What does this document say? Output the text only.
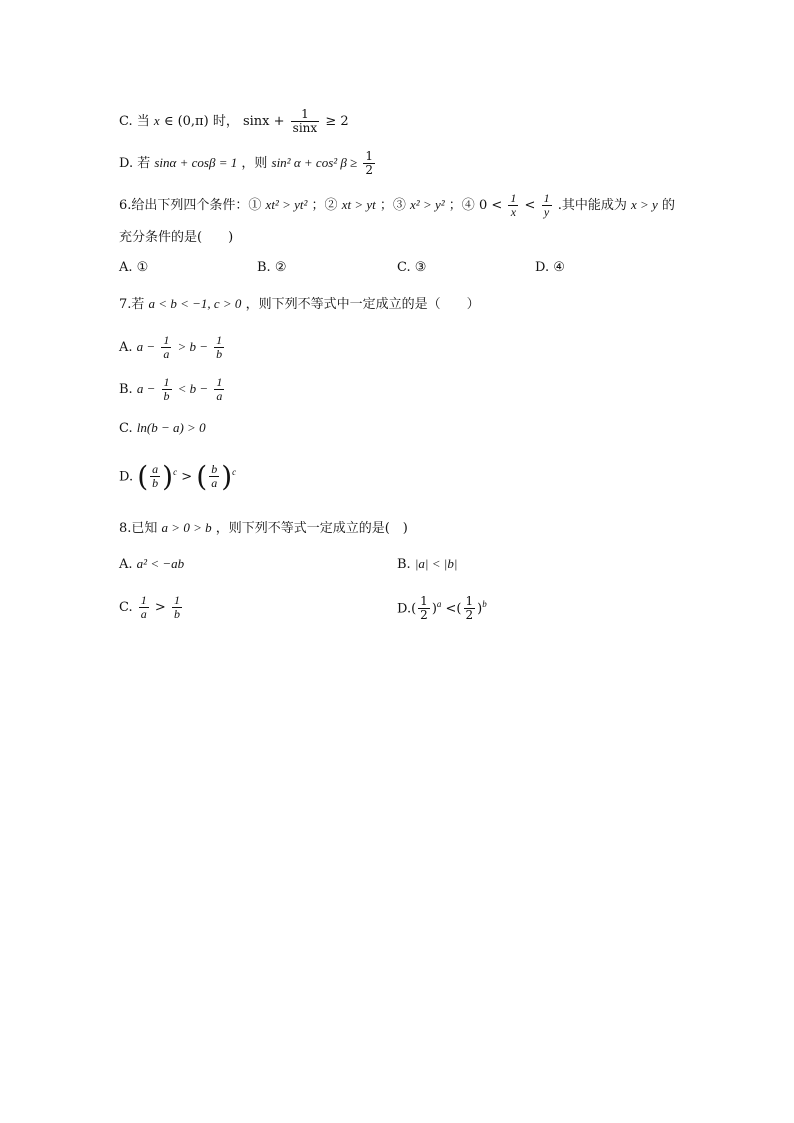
C. 当 x ∈ (0,π) 时， $\sin x + \frac{1}{\sin x} \ge 2$
D. 若 sinα + cosβ = 1 ，则 sin² α + cos² $\beta \ge \frac{1}{2}$
6.给出下列四个条件：① xt² > yt² ；② xt > yt ；③ x² > y² ；④ $0 < \frac{1}{x} < \frac{1}{y}$ .其中能成为 x > y 的
充分条件的是(　　)
A. ①	B. ②	C. ③	D. ④
7.若 a < b < −1, c > 0 ，则下列不等式中一定成立的是（　　）
A. $a - \frac{1}{a} > b - \frac{1}{b}$
B. $a - \frac{1}{b} < b - \frac{1}{a}$
C. ln(b − a) > 0
D. ( $\frac{a}{b} )^c$ > ( $\frac{b}{a} )^c$
8.已知 a > 0 > b ，则下列不等式一定成立的是(　)
A. a² < −ab	B. |a| < |b|
C. $\frac{1}{a} > \frac{1}{b}$	$D.( \frac{1}{2} )^a$ <( $\frac{1}{2} )^b$
